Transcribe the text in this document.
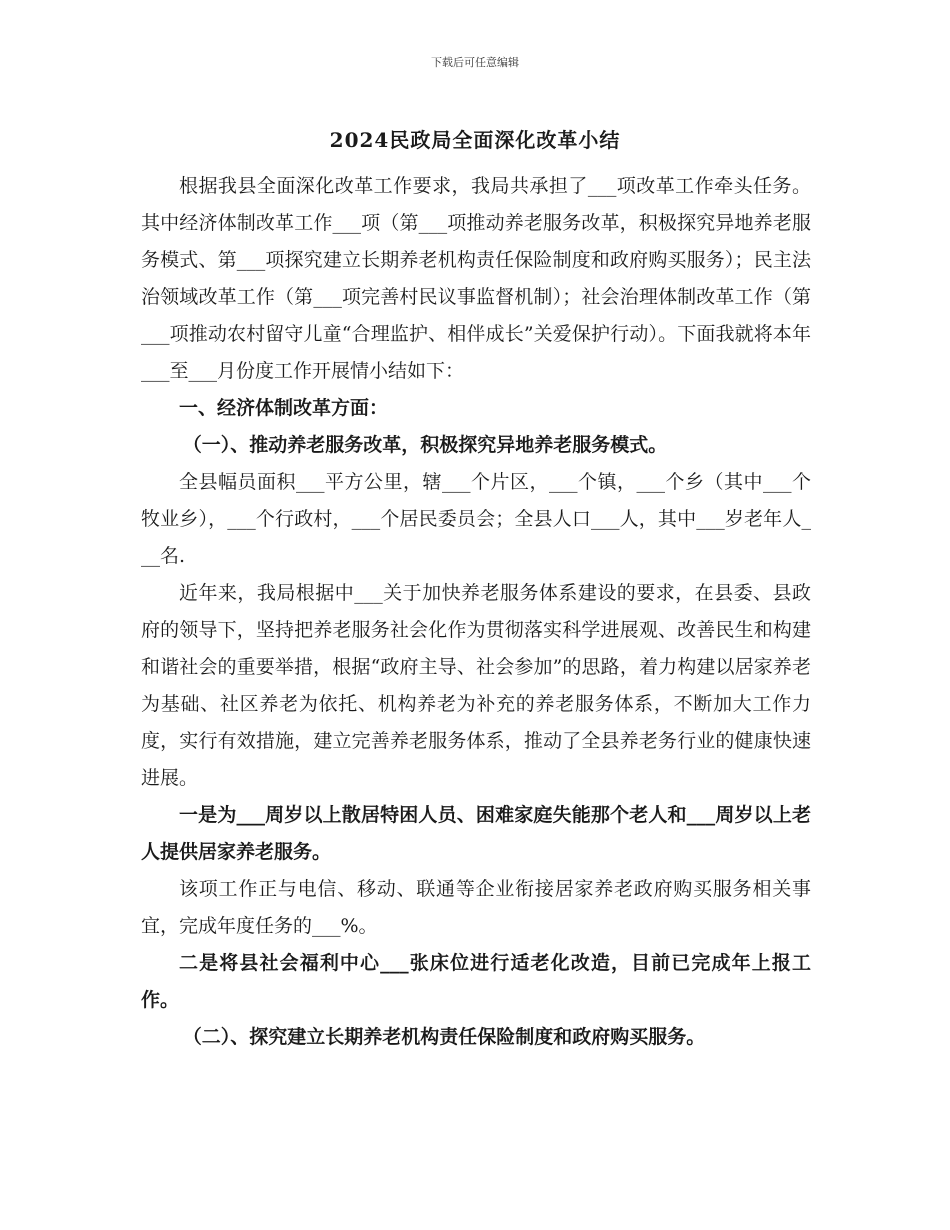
下载后可任意编辑
2024民政局全面深化改革小结

根据我县全面深化改革工作要求，我局共承担了___项改革工作牵头任务。其中经济体制改革工作___项（第___项推动养老服务改革，积极探究异地养老服务模式、第___项探究建立长期养老机构责任保险制度和政府购买服务）；民主法治领域改革工作（第___项完善村民议事监督机制）；社会治理体制改革工作（第___项推动农村留守儿童“合理监护、相伴成长”关爱保护行动）。下面我就将本年___至___月份度工作开展情小结如下：

一、经济体制改革方面：

（一）、推动养老服务改革，积极探究异地养老服务模式。

全县幅员面积___平方公里，辖___个片区，___个镇，___个乡（其中___个牧业乡），___个行政村，___个居民委员会；全县人口___人，其中___岁老年人___名.

近年来，我局根据中___关于加快养老服务体系建设的要求，在县委、县政府的领导下，坚持把养老服务社会化作为贯彻落实科学进展观、改善民生和构建和谐社会的重要举措，根据“政府主导、社会参加”的思路，着力构建以居家养老为基础、社区养老为依托、机构养老为补充的养老服务体系，不断加大工作力度，实行有效措施，建立完善养老服务体系，推动了全县养老务行业的健康快速进展。

一是为___周岁以上散居特困人员、困难家庭失能那个老人和___周岁以上老人提供居家养老服务。

该项工作正与电信、移动、联通等企业衔接居家养老政府购买服务相关事宜，完成年度任务的___%。

二是将县社会福利中心___张床位进行适老化改造，目前已完成年上报工作。

（二）、探究建立长期养老机构责任保险制度和政府购买服务。
